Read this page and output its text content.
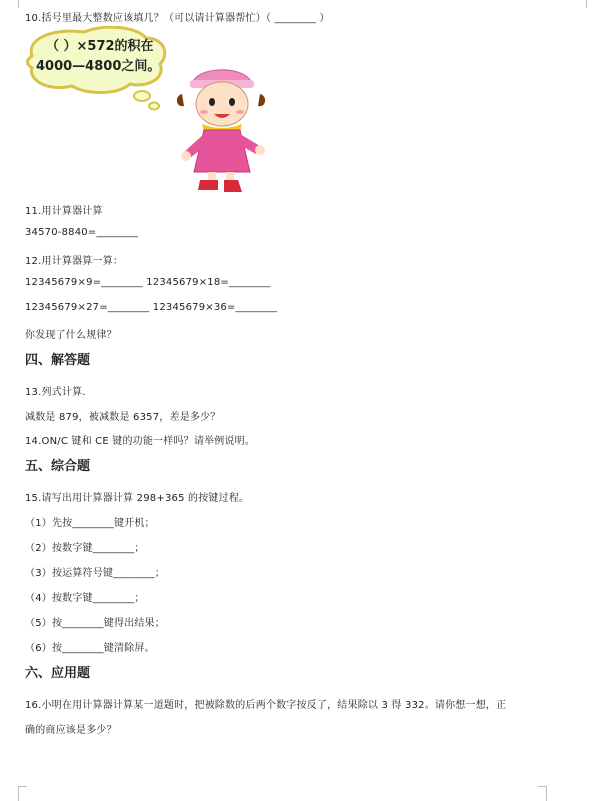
10.括号里最大整数应该填几？（可以请计算器帮忙）（ ________ ）
（ ）×572的积在
4000—4800之间。
11.用计算器计算
34570-8840=________
12.用计算器算一算：
12345679×9=________ 12345679×18=________
12345679×27=________ 12345679×36=________
你发现了什么规律？
四、解答题
13.列式计算.
减数是 879，被减数是 6357，差是多少？
14.ON/C 键和 CE 键的功能一样吗？请举例说明。
五、综合题
15.请写出用计算器计算 298+365 的按键过程。
（1）先按________键开机；
（2）按数字键________；
（3）按运算符号键________；
（4）按数字键________；
（5）按________键得出结果；
（6）按________键清除屏。
六、应用题
16.小明在用计算器计算某一道题时，把被除数的后两个数字按反了，结果除以 3 得 332。请你想一想，正
确的商应该是多少？
